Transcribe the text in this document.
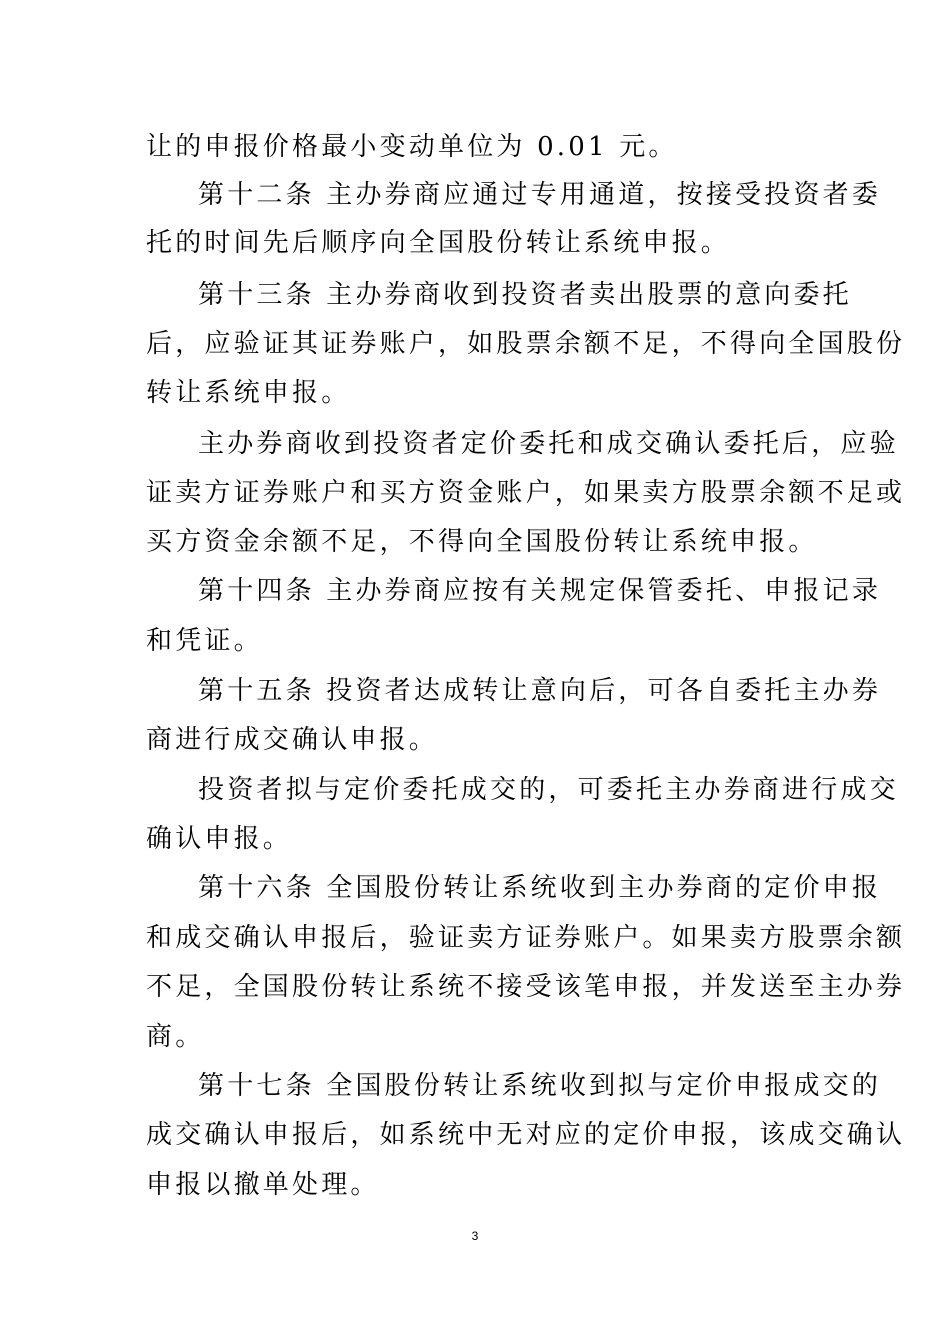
让的申报价格最小变动单位为 0.01 元。
第十二条 主办券商应通过专用通道，按接受投资者委
托的时间先后顺序向全国股份转让系统申报。
第十三条 主办券商收到投资者卖出股票的意向委托
后，应验证其证券账户，如股票余额不足，不得向全国股份
转让系统申报。
主办券商收到投资者定价委托和成交确认委托后，应验
证卖方证券账户和买方资金账户，如果卖方股票余额不足或
买方资金余额不足，不得向全国股份转让系统申报。
第十四条 主办券商应按有关规定保管委托、申报记录
和凭证。
第十五条 投资者达成转让意向后，可各自委托主办券
商进行成交确认申报。
投资者拟与定价委托成交的，可委托主办券商进行成交
确认申报。
第十六条 全国股份转让系统收到主办券商的定价申报
和成交确认申报后，验证卖方证券账户。如果卖方股票余额
不足，全国股份转让系统不接受该笔申报，并发送至主办券
商。
第十七条 全国股份转让系统收到拟与定价申报成交的
成交确认申报后，如系统中无对应的定价申报，该成交确认
申报以撤单处理。
3
